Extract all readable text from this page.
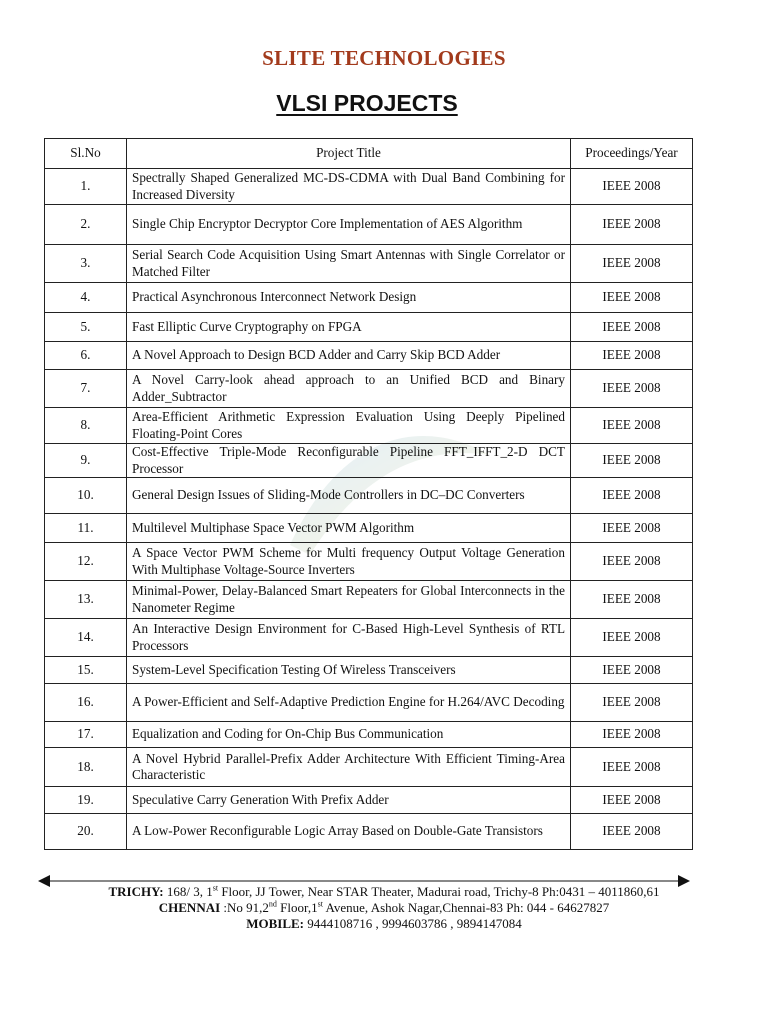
SLITE TECHNOLOGIES
VLSI PROJECTS
Sl.No	Project Title	Proceedings/Year
1.	Spectrally Shaped Generalized MC-DS-CDMA with Dual Band Combining for Increased Diversity	IEEE 2008
2.	Single Chip Encryptor Decryptor Core Implementation of AES Algorithm	IEEE 2008
3.	Serial Search Code Acquisition Using Smart Antennas with Single Correlator or Matched Filter	IEEE 2008
4.	Practical Asynchronous Interconnect Network Design	IEEE 2008
5.	Fast Elliptic Curve Cryptography on FPGA	IEEE 2008
6.	A Novel Approach to Design BCD Adder and Carry Skip BCD Adder	IEEE 2008
7.	A Novel Carry-look ahead approach to an Unified BCD and Binary Adder_Subtractor	IEEE 2008
8.	Area-Efficient Arithmetic Expression Evaluation Using Deeply Pipelined Floating-Point Cores	IEEE 2008
9.	Cost-Effective Triple-Mode Reconfigurable Pipeline FFT_IFFT_2-D DCT Processor	IEEE 2008
10.	General Design Issues of Sliding-Mode Controllers in DC–DC Converters	IEEE 2008
11.	Multilevel Multiphase Space Vector PWM Algorithm	IEEE 2008
12.	A Space Vector PWM Scheme for Multi frequency Output Voltage Generation With Multiphase Voltage-Source Inverters	IEEE 2008
13.	Minimal-Power, Delay-Balanced Smart Repeaters for Global Interconnects in the Nanometer Regime	IEEE 2008
14.	An Interactive Design Environment for C-Based High-Level Synthesis of RTL Processors	IEEE 2008
15.	System-Level Specification Testing Of Wireless Transceivers	IEEE 2008
16.	A Power-Efficient and Self-Adaptive Prediction Engine for H.264/AVC Decoding	IEEE 2008
17.	Equalization and Coding for On-Chip Bus Communication	IEEE 2008
18.	A Novel Hybrid Parallel-Prefix Adder Architecture With Efficient Timing-Area Characteristic	IEEE 2008
19.	Speculative Carry Generation With Prefix Adder	IEEE 2008
20.	A Low-Power Reconfigurable Logic Array Based on Double-Gate Transistors	IEEE 2008
TRICHY: 168/ 3, 1st Floor, JJ Tower, Near STAR Theater, Madurai road, Trichy-8 Ph:0431 – 4011860,61
CHENNAI :No 91,2nd Floor,1st Avenue, Ashok Nagar,Chennai-83 Ph: 044 - 64627827
MOBILE: 9444108716 , 9994603786 , 9894147084
